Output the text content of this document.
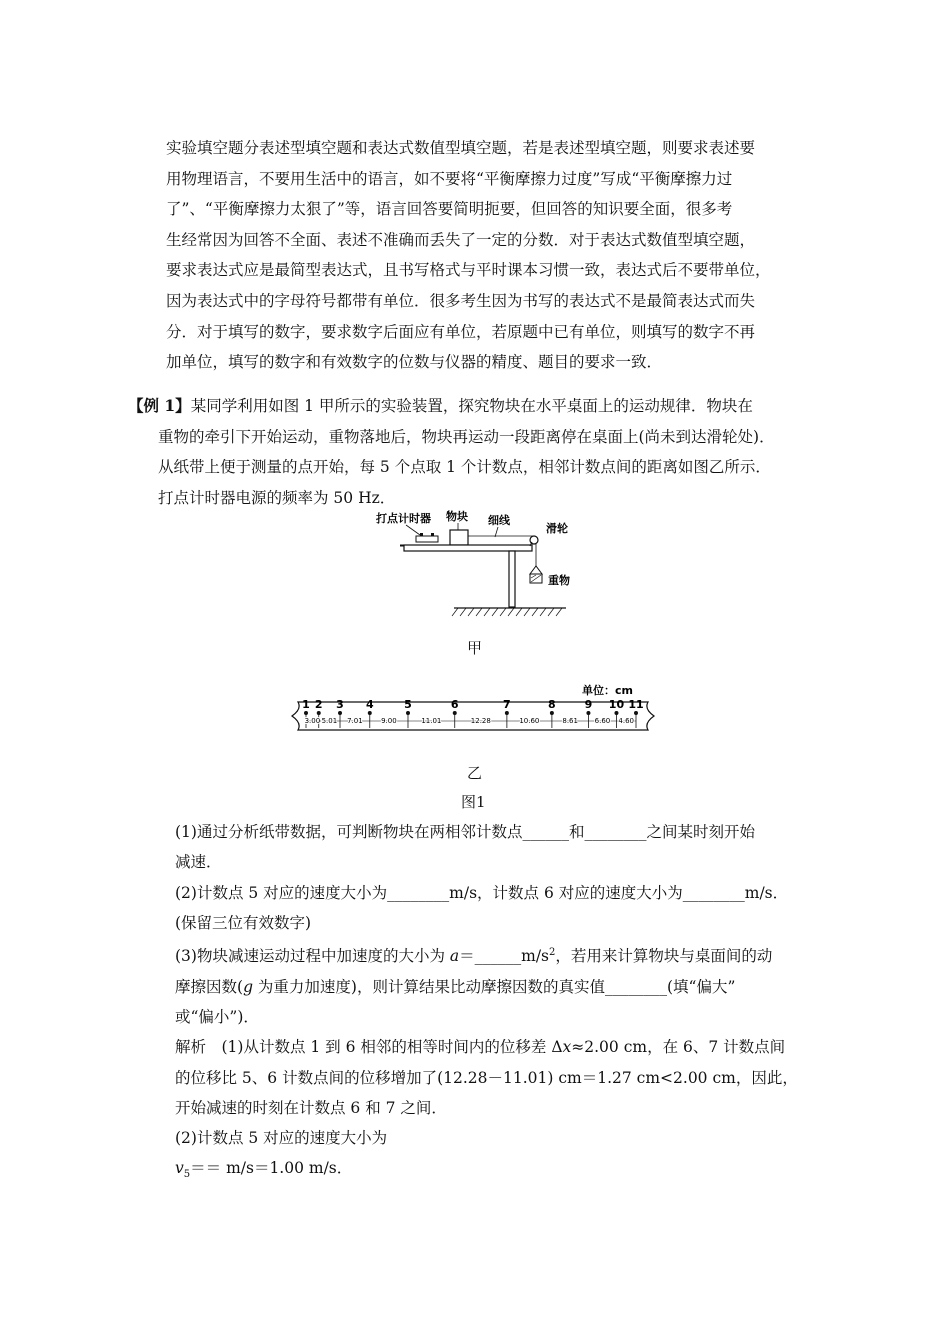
实验填空题分表述型填空题和表达式数值型填空题，若是表述型填空题，则要求表述要
用物理语言，不要用生活中的语言，如不要将“平衡摩擦力过度”写成“平衡摩擦力过
了”、“平衡摩擦力太狠了”等，语言回答要简明扼要，但回答的知识要全面，很多考
生经常因为回答不全面、表述不准确而丢失了一定的分数．对于表达式数值型填空题，
要求表达式应是最简型表达式，且书写格式与平时课本习惯一致，表达式后不要带单位，
因为表达式中的字母符号都带有单位．很多考生因为书写的表达式不是最简表达式而失
分．对于填写的数字，要求数字后面应有单位，若原题中已有单位，则填写的数字不再
加单位，填写的数字和有效数字的位数与仪器的精度、题目的要求一致．
【例 1】某同学利用如图 1 甲所示的实验装置，探究物块在水平桌面上的运动规律．物块在
重物的牵引下开始运动，重物落地后，物块再运动一段距离停在桌面上(尚未到达滑轮处)．
从纸带上便于测量的点开始，每 5 个点取 1 个计数点，相邻计数点间的距离如图乙所示．
打点计时器电源的频率为 50 Hz．
打点计时器 物块 细线
滑轮
重物
甲
单位：cm
1 2 3 4	5	6	7	8	9 10 11
3.00 5.01 7.01	9.00	11.01	12.28	10.60	8.61 6.60 4.60
乙
图1
(1)通过分析纸带数据，可判断物块在两相邻计数点______和________之间某时刻开始
减速．
(2)计数点 5 对应的速度大小为________m/s，计数点 6 对应的速度大小为________m/s．
(保留三位有效数字)
(3)物块减速运动过程中加速度的大小为 $a=\_\_\_\_\_\_m/s^2$，若用来计算物块与桌面间的动
摩擦因数(g 为重力加速度)，则计算结果比动摩擦因数的真实值________(填“偏大”
或“偏小”)．
解析　(1)从计数点 1 到 6 相邻的相等时间内的位移差 Δx≈2.00 cm，在 6、7 计数点间
的位移比 5、6 计数点间的位移增加了(12.28－11.01) cm＝1.27 cm<2.00 cm，因此，
开始减速的时刻在计数点 6 和 7 之间．
(2)计数点 5 对应的速度大小为
$v_5== m/s=1.00$ m/s．
